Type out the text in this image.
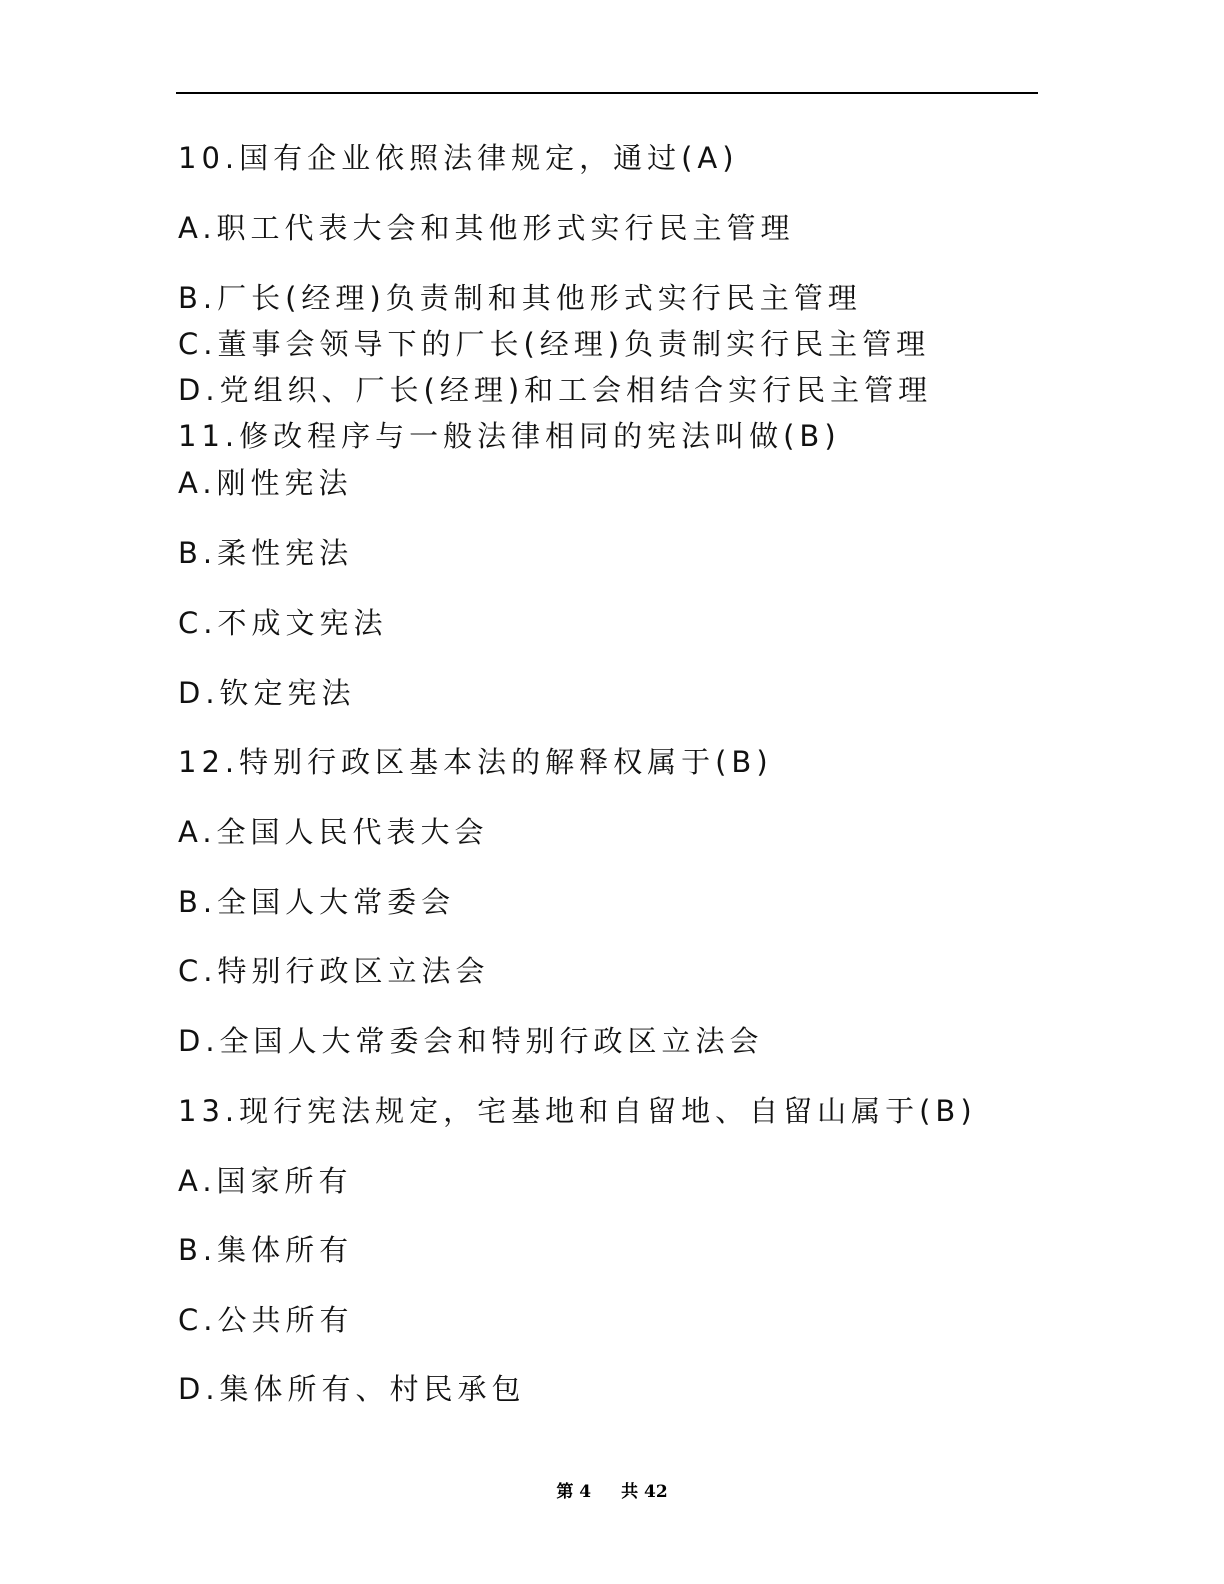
10.国有企业依照法律规定，通过(A)
A.职工代表大会和其他形式实行民主管理
B.厂长(经理)负责制和其他形式实行民主管理
C.董事会领导下的厂长(经理)负责制实行民主管理
D.党组织、厂长(经理)和工会相结合实行民主管理
11.修改程序与一般法律相同的宪法叫做(B)
A.刚性宪法
B.柔性宪法
C.不成文宪法
D.钦定宪法
12.特别行政区基本法的解释权属于(B)
A.全国人民代表大会
B.全国人大常委会
C.特别行政区立法会
D.全国人大常委会和特别行政区立法会
13.现行宪法规定，宅基地和自留地、自留山属于(B)
A.国家所有
B.集体所有
C.公共所有
D.集体所有、村民承包
第 4 共 42
